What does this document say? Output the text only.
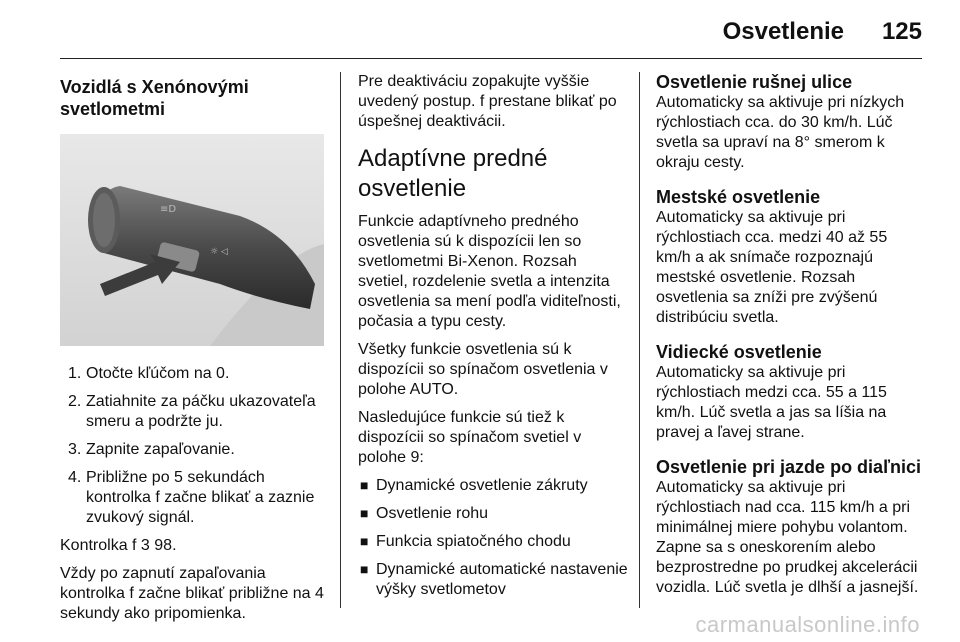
Osvetlenie 125
Vozidlá s Xenónovými svetlometmi
≡D
☼ ◁
1. Otočte kľúčom na 0.
2. Zatiahnite za páčku ukazovateľa smeru a podržte ju.
3. Zapnite zapaľovanie.
4. Približne po 5 sekundách kontrolka f začne blikať a zaznie zvukový signál.

Kontrolka f 3 98.

Vždy po zapnutí zapaľovania kontrolka f začne blikať približne na 4 sekundy ako pripomienka.

Pre deaktiváciu zopakujte vyššie uvedený postup. f prestane blikať po úspešnej deaktivácii.

Adaptívne predné osvetlenie

Funkcie adaptívneho predného osvetlenia sú k dispozícii len so svetlometmi Bi-Xenon. Rozsah svetiel, rozdelenie svetla a intenzita osvetlenia sa mení podľa viditeľnosti, počasia a typu cesty.

Všetky funkcie osvetlenia sú k dispozícii so spínačom osvetlenia v polohe AUTO.

Nasledujúce funkcie sú tiež k dispozícii so spínačom svetiel v polohe 9:

■ Dynamické osvetlenie zákruty
■ Osvetlenie rohu
■ Funkcia spiatočného chodu
■ Dynamické automatické nastavenie výšky svetlometov
Osvetlenie rušnej ulice
Automaticky sa aktivuje pri nízkych rýchlostiach cca. do 30 km/h. Lúč svetla sa upraví na 8° smerom k okraju cesty.
Mestské osvetlenie
Automaticky sa aktivuje pri rýchlostiach cca. medzi 40 až 55 km/h a ak snímače rozpoznajú mestské osvetlenie. Rozsah osvetlenia sa zníži pre zvýšenú distribúciu svetla.
Vidiecké osvetlenie
Automaticky sa aktivuje pri rýchlostiach medzi cca. 55 a 115 km/h. Lúč svetla a jas sa líšia na pravej a ľavej strane.
Osvetlenie pri jazde po diaľnici
Automaticky sa aktivuje pri rýchlostiach nad cca. 115 km/h a pri minimálnej miere pohybu volantom. Zapne sa s oneskorením alebo bezprostredne po prudkej akcelerácii vozidla. Lúč svetla je dlhší a jasnejší.
carmanualsonline.info
